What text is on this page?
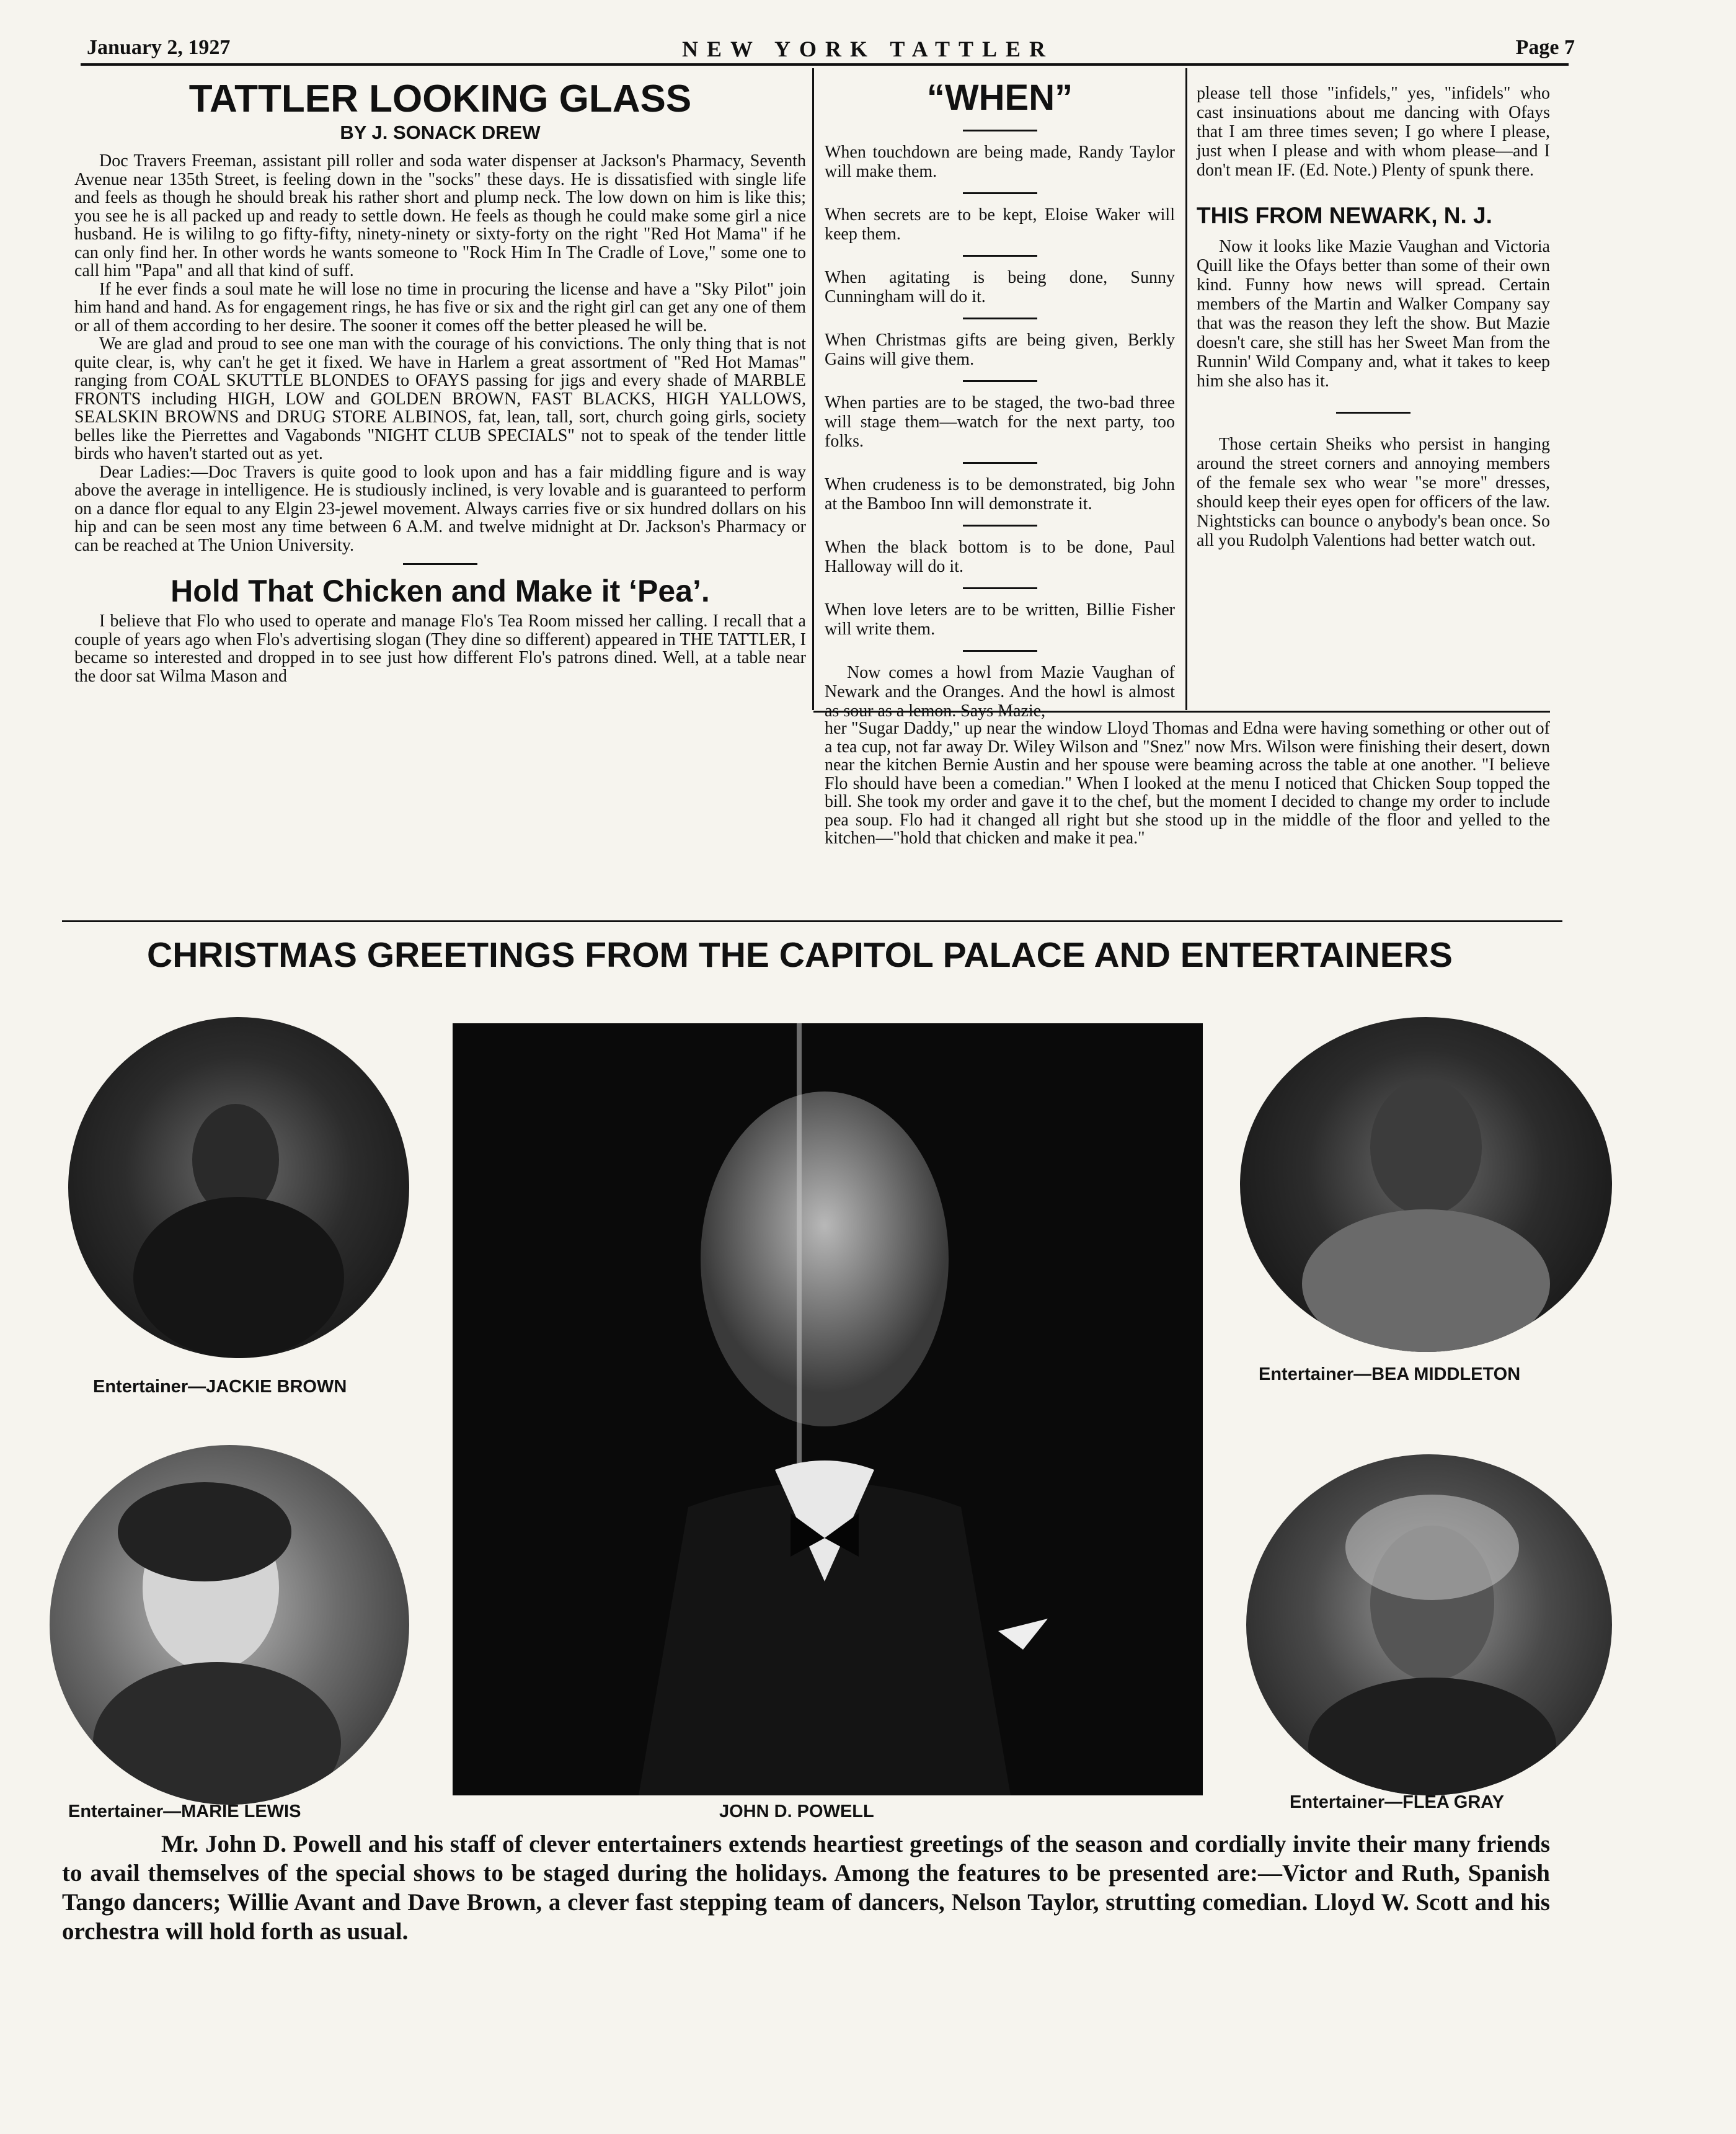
January 2, 1927	NEW YORK TATTLER	Page 7
TATTLER LOOKING GLASS
BY J. SONACK DREW

Doc Travers Freeman, assistant pill roller and soda water dispenser at Jackson's Pharmacy, Seventh Avenue near 135th Street, is feeling down in the "socks" these days. He is dissatisfied with single life and feels as though he should break his rather short and plump neck. The low down on him is like this; you see he is all packed up and ready to settle down. He feels as though he could make some girl a nice husband. He is wililng to go fifty-fifty, ninety-ninety or sixty-forty on the right "Red Hot Mama" if he can only find her. In other words he wants someone to "Rock Him In The Cradle of Love," some one to call him "Papa" and all that kind of suff.

If he ever finds a soul mate he will lose no time in procuring the license and have a "Sky Pilot" join him hand and hand. As for engagement rings, he has five or six and the right girl can get any one of them or all of them according to her desire. The sooner it comes off the better pleased he will be.

We are glad and proud to see one man with the courage of his convictions. The only thing that is not quite clear, is, why can't he get it fixed. We have in Harlem a great assortment of "Red Hot Mamas" ranging from COAL SKUTTLE BLONDES to OFAYS passing for jigs and every shade of MARBLE FRONTS including HIGH, LOW and GOLDEN BROWN, FAST BLACKS, HIGH YALLOWS, SEALSKIN BROWNS and DRUG STORE ALBINOS, fat, lean, tall, sort, church going girls, society belles like the Pierrettes and Vagabonds "NIGHT CLUB SPECIALS" not to speak of the tender little birds who haven't started out as yet.

Dear Ladies:—Doc Travers is quite good to look upon and has a fair middling figure and is way above the average in intelligence. He is studiously inclined, is very lovable and is guaranteed to perform on a dance flor equal to any Elgin 23-jewel movement. Always carries five or six hundred dollars on his hip and can be seen most any time between 6 A.M. and twelve midnight at Dr. Jackson's Pharmacy or can be reached at The Union University.

Hold That Chicken and Make it ‘Pea’.

I believe that Flo who used to operate and manage Flo's Tea Room missed her calling. I recall that a couple of years ago when Flo's advertising slogan (They dine so different) appeared in THE TATTLER, I became so interested and dropped in to see just how different Flo's patrons dined. Well, at a table near the door sat Wilma Mason and

“WHEN”

When touchdown are being made, Randy Taylor will make them.

When secrets are to be kept, Eloise Waker will keep them.

When agitating is being done, Sunny Cunningham will do it.

When Christmas gifts are being given, Berkly Gains will give them.

When parties are to be staged, the two-bad three will stage them—watch for the next party, too folks.

When crudeness is to be demonstrated, big John at the Bamboo Inn will demonstrate it.

When the black bottom is to be done, Paul Halloway will do it.

When love leters are to be written, Billie Fisher will write them.

Now comes a howl from Mazie Vaughan of Newark and the Oranges. And the howl is almost as sour as a lemon. Says Mazie,

please tell those "infidels," yes, "infidels" who cast insinuations about me dancing with Ofays that I am three times seven; I go where I please, just when I please and with whom please—and I don't mean IF. (Ed. Note.) Plenty of spunk there.

THIS FROM NEWARK, N. J.

Now it looks like Mazie Vaughan and Victoria Quill like the Ofays better than some of their own kind. Funny how news will spread. Certain members of the Martin and Walker Company say that was the reason they left the show. But Mazie doesn't care, she still has her Sweet Man from the Runnin' Wild Company and, what it takes to keep him she also has it.

Those certain Sheiks who persist in hanging around the street corners and annoying members of the female sex who wear "se more" dresses, should keep their eyes open for officers of the law. Nightsticks can bounce o anybody's bean once. So all you Rudolph Valentions had better watch out.

her "Sugar Daddy," up near the window Lloyd Thomas and Edna were having something or other out of a tea cup, not far away Dr. Wiley Wilson and "Snez" now Mrs. Wilson were finishing their desert, down near the kitchen Bernie Austin and her spouse were beaming across the table at one another. "I believe Flo should have been a comedian." When I looked at the menu I noticed that Chicken Soup topped the bill. She took my order and gave it to the chef, but the moment I decided to change my order to include pea soup. Flo had it changed all right but she stood up in the middle of the floor and yelled to the kitchen—"hold that chicken and make it pea."

CHRISTMAS GREETINGS FROM THE CAPITOL PALACE AND ENTERTAINERS
Entertainer—JACKIE BROWN
JOHN D. POWELL
Entertainer—BEA MIDDLETON
Entertainer—MARIE LEWIS	Entertainer—FLEA GRAY
Mr. John D. Powell and his staff of clever entertainers extends heartiest greetings of the season and cordially invite their many friends to avail themselves of the special shows to be staged during the holidays. Among the features to be presented are:—Victor and Ruth, Spanish Tango dancers; Willie Avant and Dave Brown, a clever fast stepping team of dancers, Nelson Taylor, strutting comedian. Lloyd W. Scott and his orchestra will hold forth as usual.
